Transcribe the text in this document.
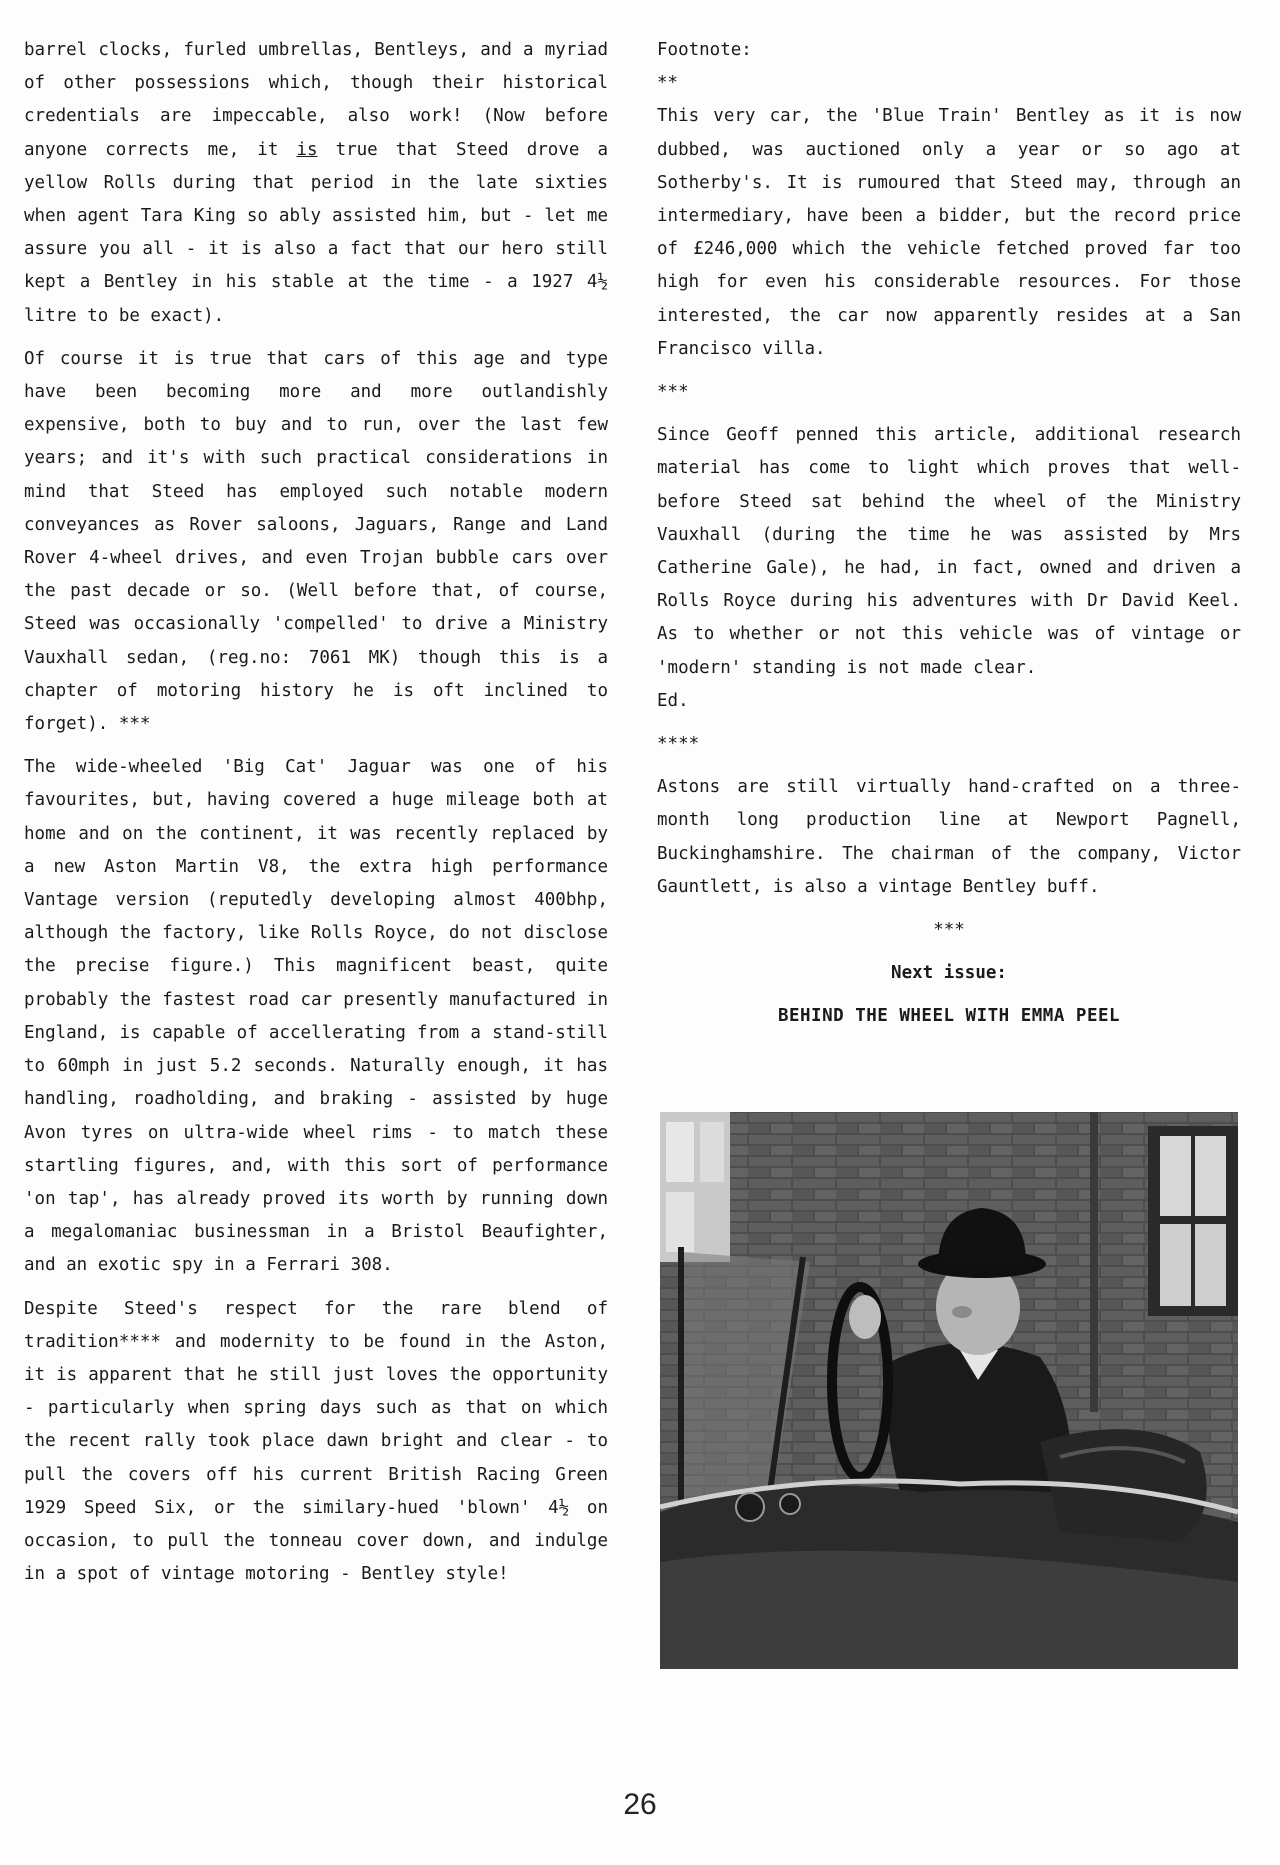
barrel clocks, furled umbrellas, Bentleys, and a myriad of other possessions which, though their historical credentials are impeccable, also work! (Now before anyone corrects me, it is true that Steed drove a yellow Rolls during that period in the late sixties when agent Tara King so ably assisted him, but - let me assure you all - it is also a fact that our hero still kept a Bentley in his stable at the time - a 1927 4½ litre to be exact).

Of course it is true that cars of this age and type have been becoming more and more outlandishly expensive, both to buy and to run, over the last few years; and it's with such practical considerations in mind that Steed has employed such notable modern conveyances as Rover saloons, Jaguars, Range and Land Rover 4-wheel drives, and even Trojan bubble cars over the past decade or so. (Well before that, of course, Steed was occasionally 'compelled' to drive a Ministry Vauxhall sedan, (reg.no: 7061 MK) though this is a chapter of motoring history he is oft inclined to forget). ***

The wide-wheeled 'Big Cat' Jaguar was one of his favourites, but, having covered a huge mileage both at home and on the continent, it was recently replaced by a new Aston Martin V8, the extra high performance Vantage version (reputedly developing almost 400bhp, although the factory, like Rolls Royce, do not disclose the precise figure.) This magnificent beast, quite probably the fastest road car presently manufactured in England, is capable of accellerating from a stand-still to 60mph in just 5.2 seconds. Naturally enough, it has handling, roadholding, and braking - assisted by huge Avon tyres on ultra-wide wheel rims - to match these startling figures, and, with this sort of performance 'on tap', has already proved its worth by running down a megalomaniac businessman in a Bristol Beaufighter, and an exotic spy in a Ferrari 308.

Despite Steed's respect for the rare blend of tradition**** and modernity to be found in the Aston, it is apparent that he still just loves the opportunity - particularly when spring days such as that on which the recent rally took place dawn bright and clear - to pull the covers off his current British Racing Green 1929 Speed Six, or the similary-hued 'blown' 4½ on occasion, to pull the tonneau cover down, and indulge in a spot of vintage motoring - Bentley style!

Footnote:

**

This very car, the 'Blue Train' Bentley as it is now dubbed, was auctioned only a year or so ago at Sotherby's. It is rumoured that Steed may, through an intermediary, have been a bidder, but the record price of £246,000 which the vehicle fetched proved far too high for even his considerable resources. For those interested, the car now apparently resides at a San Francisco villa.

***

Since Geoff penned this article, additional research material has come to light which proves that well-before Steed sat behind the wheel of the Ministry Vauxhall (during the time he was assisted by Mrs Catherine Gale), he had, in fact, owned and driven a Rolls Royce during his adventures with Dr David Keel. As to whether or not this vehicle was of vintage or 'modern' standing is not made clear.

Ed.

****

Astons are still virtually hand-crafted on a three-month long production line at Newport Pagnell, Buckinghamshire. The chairman of the company, Victor Gauntlett, is also a vintage Bentley buff.

***

Next issue:

BEHIND THE WHEEL WITH EMMA PEEL

26
